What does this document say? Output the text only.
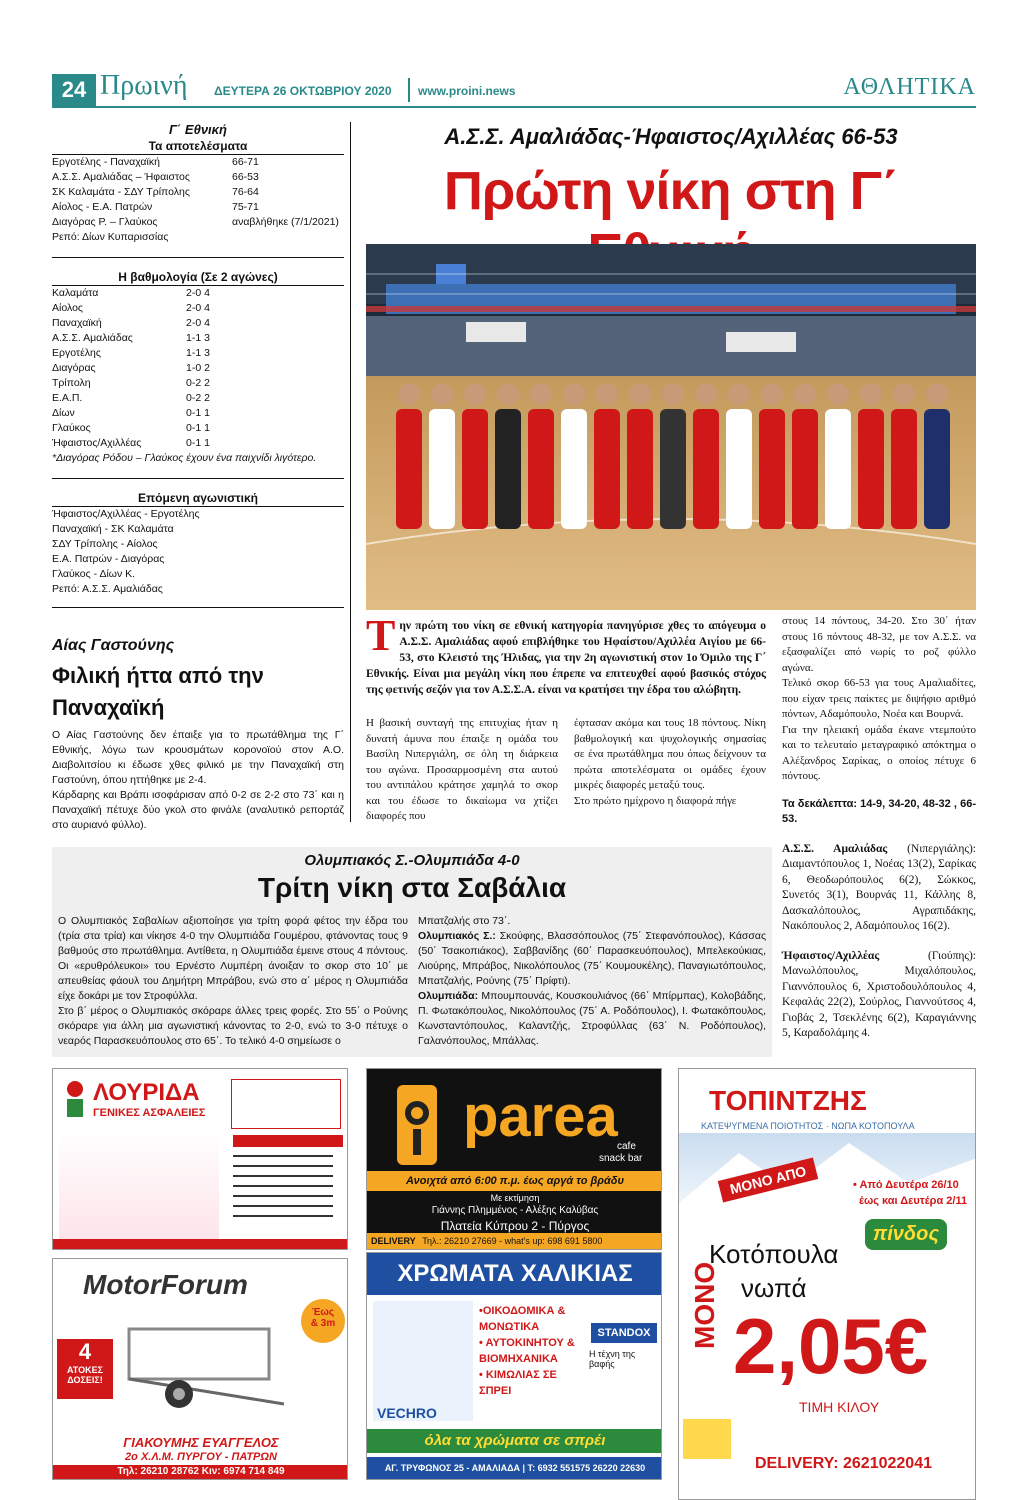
24 Πρωινή ΔΕΥΤΕΡΑ 26 ΟΚΤΩΒΡΙΟΥ 2020 www.proini.news	ΑΘΛΗΤΙΚΑ
Γ΄ Εθνική
Τα αποτελέσματα
Εργοτέλης - Παναχαϊκή	66-71
Α.Σ.Σ. Αμαλιάδας – Ήφαιστος	66-53
ΣΚ Καλαμάτα - ΣΔΥ Τρίπολης	76-64
Αίολος - Ε.Α. Πατρών	75-71
Διαγόρας Ρ. – Γλαύκος	αναβλήθηκε (7/1/2021)
Ρεπό: Δίων Κυπαρισσίας
Η βαθμολογία (Σε 2 αγώνες)
Καλαμάτα	2-0 4
Αίολος	2-0 4
Παναχαϊκή	2-0 4
Α.Σ.Σ. Αμαλιάδας	1-1 3
Εργοτέλης	1-1 3
Διαγόρας	1-0 2
Τρίπολη	0-2 2
Ε.Α.Π.	0-2 2
Δίων	0-1 1
Γλαύκος	0-1 1
Ήφαιστος/Αχιλλέας	0-1 1
*Διαγόρας Ρόδου – Γλαύκος έχουν ένα παιχνίδι λιγότερο.
Επόμενη αγωνιστική
Ήφαιστος/Αχιλλέας - Εργοτέλης
Παναχαϊκή - ΣΚ Καλαμάτα
ΣΔΥ Τρίπολης - Αίολος
Ε.Α. Πατρών - Διαγόρας
Γλαύκος - Δίων Κ.
Ρεπό: Α.Σ.Σ. Αμαλιάδας
Αίας Γαστούνης
Φιλική ήττα από την Παναχαϊκή

Ο Αίας Γαστούνης δεν έπαιξε για το πρωτάθλημα της Γ΄ Εθνικής, λόγω των κρουσμάτων κορονοϊού στον Α.Ο. Διαβολιτσίου κι έδωσε χθες φιλικό με την Παναχαϊκή στη Γαστούνη, όπου ηττήθηκε με 2-4.

Κάρδαρης και Βράπι ισοφάρισαν από 0-2 σε 2-2 στο 73΄ και η Παναχαϊκή πέτυχε δύο γκολ στο φινάλε (αναλυτικό ρεπορτάζ στο αυριανό φύλλο).

Α.Σ.Σ. Αμαλιάδας-Ήφαιστος/Αχιλλέας 66-53
Πρώτη νίκη στη Γ΄
Την πρώτη του νίκη σε εθνική κατηγορία πανηγύρισε χθες το απόγευμα ο Α.Σ.Σ. Αμαλιάδας αφού επιβλήθηκε του Ηφαίστου/Αχιλλέα Αιγίου με 66-53, στο Κλειστό της Ήλιδας, για την 2η αγωνιστική στον 1ο Όμιλο της Γ΄ Εθνικής. Είναι μια μεγάλη νίκη που έπρεπε να επιτευχθεί αφού βασικός στόχος της φετινής σεζόν για τον Α.Σ.Σ.Α. είναι να κρατήσει την έδρα του αλώβητη.
Η βασική συνταγή της επιτυχίας ήταν η δυνατή άμυνα που έπαιξε η ομάδα του Βασίλη Νιπεργιάλη, σε όλη τη διάρκεια του αγώνα. Προσαρμοσμένη στα αυτού του αντιπάλου κράτησε χαμηλά το σκορ και του έδωσε το δικαίωμα να χτίζει διαφορές που
έφτασαν ακόμα και τους 18 πόντους. Νίκη βαθμολογική και ψυχολογικής σημασίας σε ένα πρωτάθλημα που όπως δείχνουν τα πρώτα αποτελέσματα οι ομάδες έχουν μικρές διαφορές μεταξύ τους.
Στο πρώτο ημίχρονο η διαφορά πήγε
στους 14 πόντους, 34-20. Στο 30΄ ήταν στους 16 πόντους 48-32, με τον Α.Σ.Σ. να εξασφαλίζει από νωρίς το ροζ φύλλο αγώνα.
Τελικό σκορ 66-53 για τους Αμαλιαδίτες, που είχαν τρεις παίκτες με διψήφιο αριθμό πόντων, Αδαμόπουλο, Νοέα και Βουρνά.
Για την ηλειακή ομάδα έκανε ντεμπούτο και το τελευταίο μεταγραφικό απόκτημα ο Αλέξανδρος Σαρίκας, ο οποίος πέτυχε 6 πόντους.
Τα δεκάλεπτα: 14-9, 34-20, 48-32 , 66-53.
Α.Σ.Σ. Αμαλιάδας (Νιπεργιάλης): Διαμαντόπουλος 1, Νοέας 13(2), Σαρίκας 6, Θεοδωρόπουλος 6(2), Σώκκος, Συνετός 3(1), Βουρνάς 11, Κάλλης 8, Δασκαλόπουλος, Αγραπιδάκης, Νακόπουλος 2, Αδαμόπουλος 16(2).
Ήφαιστος/Αχιλλέας (Γιούπης): Μανωλόπουλος, Μιχαλόπουλος, Γιαννόπουλος 6, Χριστοδουλόπουλος 4, Κεφαλάς 22(2), Σούρλος, Γιαννούτσος 4, Γιοβάς 2, Τσεκλένης 6(2), Καραγιάννης 5, Καραδολάμης 4.
Ολυμπιακός Σ.-Ολυμπιάδα 4-0
Τρίτη νίκη στα Σαβάλια

Ο Ολυμπιακός Σαβαλίων αξιοποίησε για τρίτη φορά φέτος την έδρα του (τρία στα τρία) και νίκησε 4-0 την Ολυμπιάδα Γουμέρου, φτάνοντας τους 9 βαθμούς στο πρωτάθλημα. Αντίθετα, η Ολυμπιάδα έμεινε στους 4 πόντους. Οι «ερυθρόλευκοι» του Ερνέστο Λυμπέρη άνοιξαν το σκορ στο 10΄ με απευθείας φάουλ του Δημήτρη Μπράβου, ενώ στο α΄ μέρος η Ολυμπιάδα είχε δοκάρι με τον Στροφύλλα.

Στο β΄ μέρος ο Ολυμπιακός σκόραρε άλλες τρεις φορές. Στο 55΄ ο Ρούνης σκόραρε για άλλη μια αγωνιστική κάνοντας το 2-0, ενώ το 3-0 πέτυχε ο νεαρός Παρασκευόπουλος στο 65΄. Το τελικό 4-0 σημείωσε ο

Μπατζαλής στο 73΄.

Ολυμπιακός Σ.: Σκούφης, Βλασσόπουλος (75΄ Στεφανόπουλος), Κάσσας (50΄ Τσακοπιάκος), Σαββανίδης (60΄ Παρασκευόπουλος), Μπελεκούκιας, Λιούρης, Μπράβος, Νικολόπουλος (75΄ Κουμουκέλης), Παναγιωτόπουλος, Μπατζαλής, Ρούνης (75΄ Πρίφτι).

Ολυμπιάδα: Μπουμπουνάς, Κουσκουλιάνος (66΄ Μπίρμπας), Κολοβάδης, Π. Φωτακόπουλος, Νικολόπουλος (75΄ Α. Ροδόπουλος), Ι. Φωτακόπουλος, Κωνσταντόπουλος, Καλαντζής, Στροφύλλας (63΄ Ν. Ροδόπουλος), Γαλανόπουλος, Μπάλλας.

ΛΟΥΡΙΔΑ
ΓΕΝΙΚΕΣ ΑΣΦΑΛΕΙΕΣ	parea cafe
snack bar
Ανοιχτά από 6:00 π.μ. έως αργά το βράδυ
Με εκτίμηση
Γιάννης Πλημμένος - Αλέξης Καλύβας
Πλατεία Κύπρου 2 - Πύργος
DELIVERY Τηλ.: 26210 27669 - what's up: 698 691 5800
ΤΟΠΙΝΤΖΗΣ
ΚΑΤΕΨΥΓΜΕΝΑ ΠΟΙΟΤΗΤΟΣ · ΝΩΠΑ ΚΟΤΟΠΟΥΛΑ
ΜΟΝΟ ΑΠΟ	• Από Δευτέρα 26/10
έως και Δευτέρα 2/11
πίνδος
Κοτόπουλα
νωπά
ΜΟΝΟ 2,05€
ΤΙΜΗ ΚΙΛΟΥ
DELIVERY: 2621022041
MotorForum
4
ΑΤΟΚΕΣ
ΔΟΣΕΙΣ!
Έως
& 3m
ΓΙΑΚΟΥΜΗΣ ΕΥΑΓΓΕΛΟΣ
2ο Χ.Λ.Μ. ΠΥΡΓΟΥ - ΠΑΤΡΩΝ
Τηλ: 26210 28762 Κιν: 6974 714 849
ΧΡΩΜΑΤΑ ΧΑΛΙΚΙΑΣ
VECHRO
•ΟΙΚΟΔΟΜΙΚΑ & ΜΟΝΩΤΙΚΑ
• ΑΥΤΟΚΙΝΗΤΟΥ & ΒΙΟΜΗΧΑΝΙΚΑ
• ΚΙΜΩΛΙΑΣ ΣΕ ΣΠΡΕΙ
STANDOX
Η τέχνη της βαφής
όλα τα χρώματα σε σπρέι
ΑΓ. ΤΡΥΦΩΝΟΣ 25 - ΑΜΑΛΙΑΔΑ | Τ: 6932 551575 26220 22630
